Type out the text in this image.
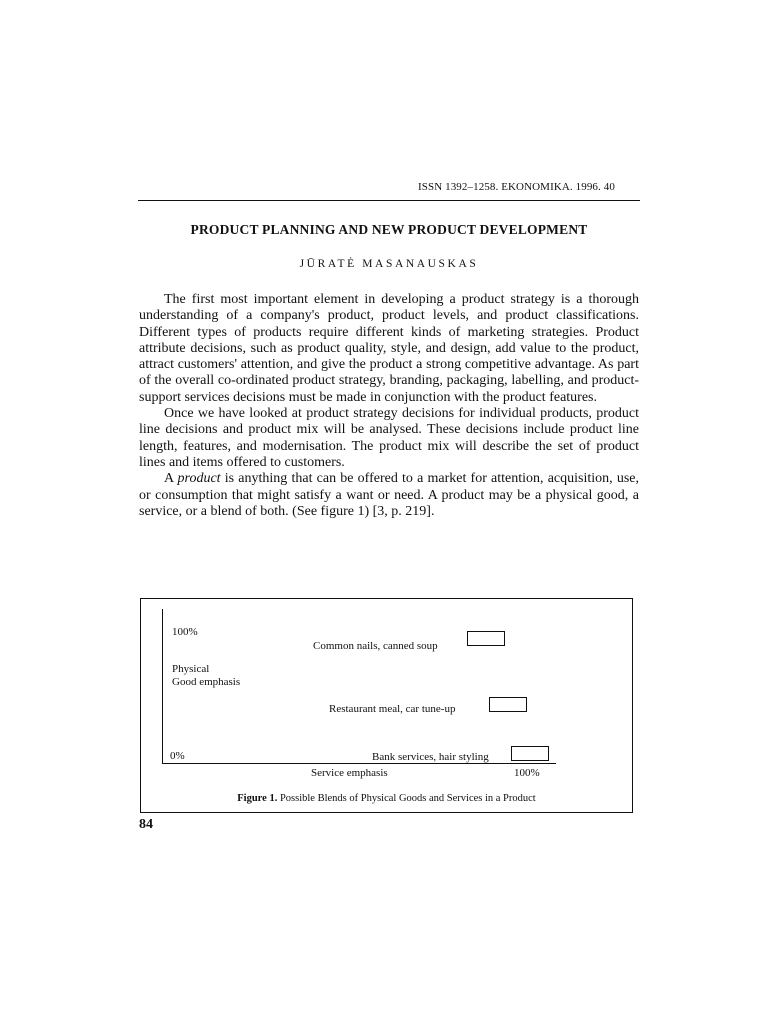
ISSN 1392–1258. EKONOMIKA. 1996. 40
PRODUCT PLANNING AND NEW PRODUCT DEVELOPMENT
JŪRATĖ MASANAUSKAS

The first most important element in developing a product strategy is a thorough understanding of a company's product, product levels, and product classifications. Different types of products require different kinds of marketing strategies. Product attribute decisions, such as product quality, style, and design, add value to the product, attract customers' attention, and give the product a strong competitive advantage. As part of the overall co-ordinated product strategy, branding, packaging, labelling, and product-support services decisions must be made in conjunction with the product features.

Once we have looked at product strategy decisions for individual products, product line decisions and product mix will be analysed. These decisions include product line length, features, and modernisation. The product mix will describe the set of product lines and items offered to customers.

A product is anything that can be offered to a market for attention, acquisition, use, or consumption that might satisfy a want or need. A product may be a physical good, a service, or a blend of both. (See figure 1) [3, p. 219].

100%
Physical
Good emphasis
0%
Common nails, canned soup
Restaurant meal, car tune-up
Bank services, hair styling
Service emphasis	100%
Figure 1. Possible Blends of Physical Goods and Services in a Product
84
